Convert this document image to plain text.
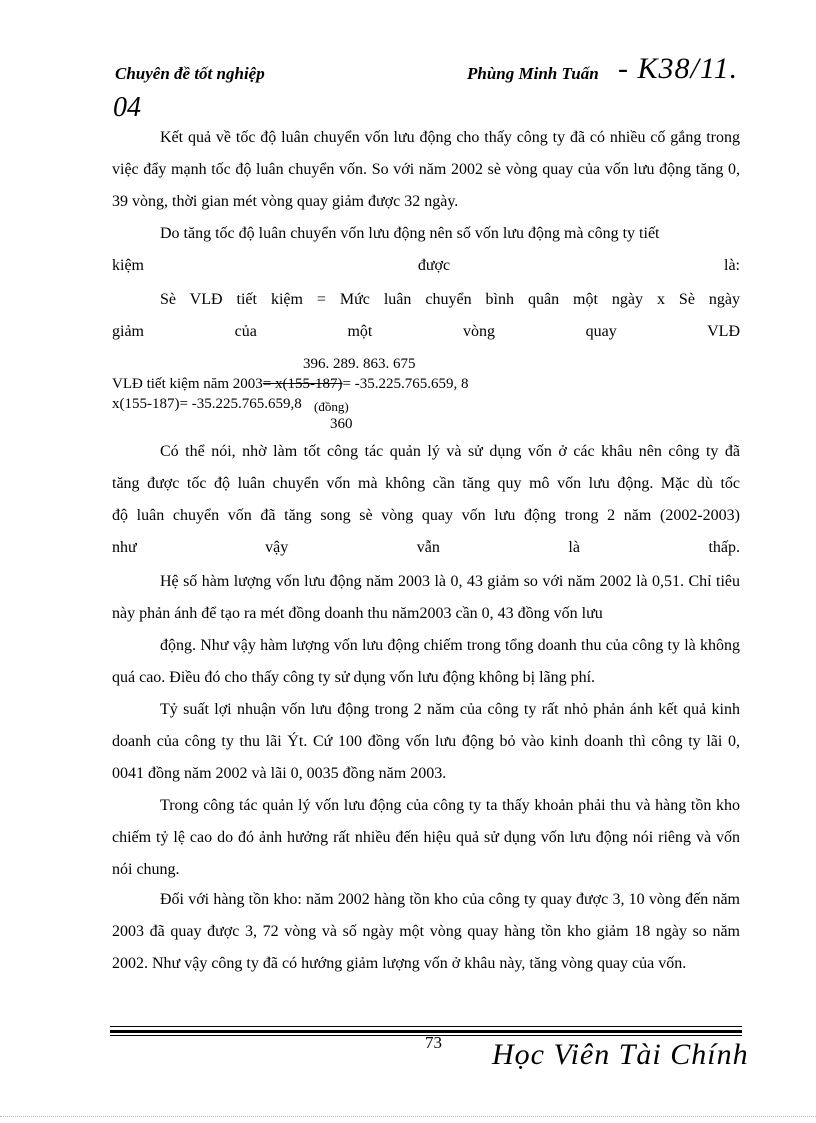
Chuyên đề tốt nghiệp	Phùng Minh Tuấn - K38/11.
04
Kết quả về tốc độ luân chuyển vốn lưu động cho thấy công ty đã có nhiều cố gắng trong việc đẩy mạnh tốc độ luân chuyển vốn. So với năm 2002 sè vòng quay của vốn lưu động tăng 0, 39 vòng, thời gian mét vòng quay giảm được 32 ngày.
Do tăng tốc độ luân chuyển vốn lưu động nên số vốn lưu động mà công ty tiết
kiệm được là:
Sè VLĐ tiết kiệm = Mức luân chuyển bình quân một ngày x Sè ngày
giảm của một vòng quay VLĐ
396. 289. 863. 675
VLĐ tiết kiệm năm 2003= x(155-187)= -35.225.765.659, 8
x(155-187)= -35.225.765.659,8 (đồng)
360
Có thể nói, nhờ làm tốt công tác quản lý và sử dụng vốn ở các khâu nên công ty đã
tăng được tốc độ luân chuyển vốn mà không cần tăng quy mô vốn lưu động. Mặc dù tốc
độ luân chuyển vốn đã tăng song sè vòng quay vốn lưu động trong 2 năm (2002-2003)
như vậy vẫn là thấp.
Hệ số hàm lượng vốn lưu động năm 2003 là 0, 43 giảm so với năm 2002 là 0,51. Chỉ tiêu này phản ánh để tạo ra mét đồng doanh thu năm2003 cần 0, 43 đồng vốn lưu
động. Như vậy hàm lượng vốn lưu động chiếm trong tổng doanh thu của công ty là không quá cao. Điều đó cho thấy công ty sử dụng vốn lưu động không bị lãng phí.
Tỷ suất lợi nhuận vốn lưu động trong 2 năm của công ty rất nhỏ phản ánh kết quả kinh doanh của công ty thu lãi Ýt. Cứ 100 đồng vốn lưu động bỏ vào kinh doanh thì công ty lãi 0, 0041 đồng năm 2002 và lãi 0, 0035 đồng năm 2003.
Trong công tác quản lý vốn lưu động của công ty ta thấy khoản phải thu và hàng tồn kho chiếm tỷ lệ cao do đó ảnh hưởng rất nhiều đến hiệu quả sử dụng vốn lưu động nói riêng và vốn nói chung.
Đối với hàng tồn kho: năm 2002 hàng tồn kho của công ty quay được 3, 10 vòng đến năm 2003 đã quay được 3, 72 vòng và số ngày một vòng quay hàng tồn kho giảm 18 ngày so năm 2002. Như vậy công ty đã có hướng giảm lượng vốn ở khâu này, tăng vòng quay của vốn.
73 Học Viên Tài Chính
